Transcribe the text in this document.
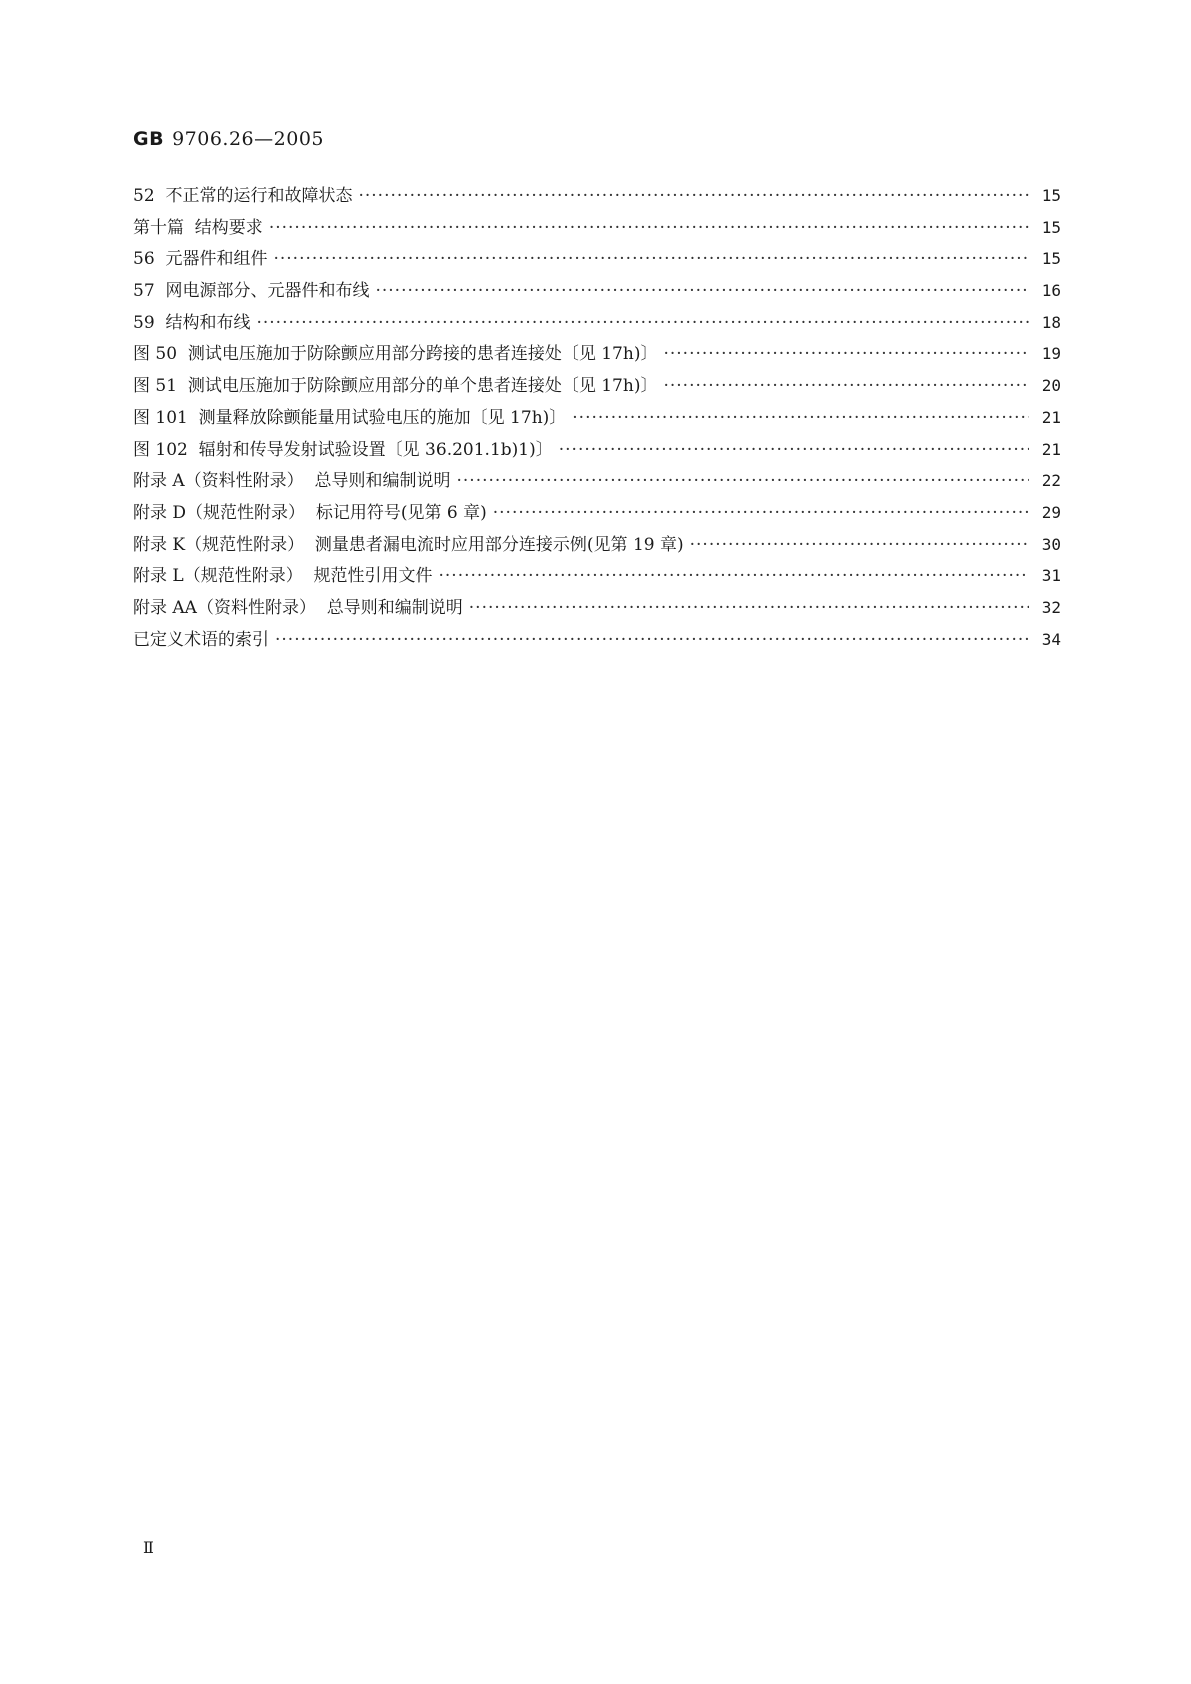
GB 9706.26—2005
52  不正常的运行和故障状态 ·····	15
第十篇  结构要求 ·····	15
56  元器件和组件 ·····	15
57  网电源部分、元器件和布线 ·····	16
59  结构和布线 ·····	18
图 50  测试电压施加于防除颤应用部分跨接的患者连接处〔见 17h)〕 ·····	19
图 51  测试电压施加于防除颤应用部分的单个患者连接处〔见 17h)〕 ·····	20
图 101  测量释放除颤能量用试验电压的施加〔见 17h)〕 ·····	21
图 102  辐射和传导发射试验设置〔见 36.201.1b)1)〕 ·····	21
附录 A（资料性附录）  总导则和编制说明 ·····	22
附录 D（规范性附录）  标记用符号(见第 6 章) ·····	29
附录 K（规范性附录）  测量患者漏电流时应用部分连接示例(见第 19 章) ·····	30
附录 L（规范性附录）  规范性引用文件 ·····	31
附录 AA（资料性附录）  总导则和编制说明 ·····	32
已定义术语的索引 ·····	34
Ⅱ
